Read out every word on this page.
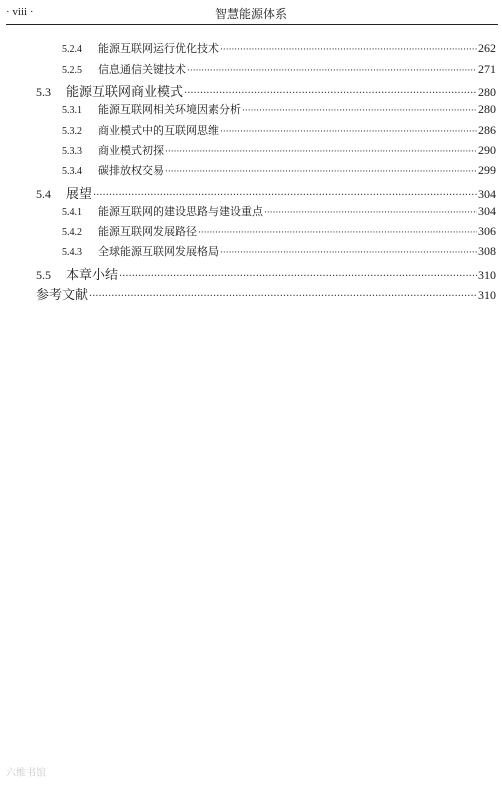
· viii ·	智慧能源体系
5.2.4	能源互联网运行优化技术 ·····	262
5.2.5	信息通信关键技术 ·····	271
5.3	能源互联网商业模式 ·····	280
5.3.1	能源互联网相关环境因素分析 ·····	280
5.3.2	商业模式中的互联网思维 ·····	286
5.3.3	商业模式初探 ·····	290
5.3.4	碳排放权交易 ·····	299
5.4	展望 ·····	304
5.4.1	能源互联网的建设思路与建设重点 ·····	304
5.4.2	能源互联网发展路径 ·····	306
5.4.3	全球能源互联网发展格局 ·····	308
5.5	本章小结 ·····	310
参考文献 ·····	310
六维书馆
